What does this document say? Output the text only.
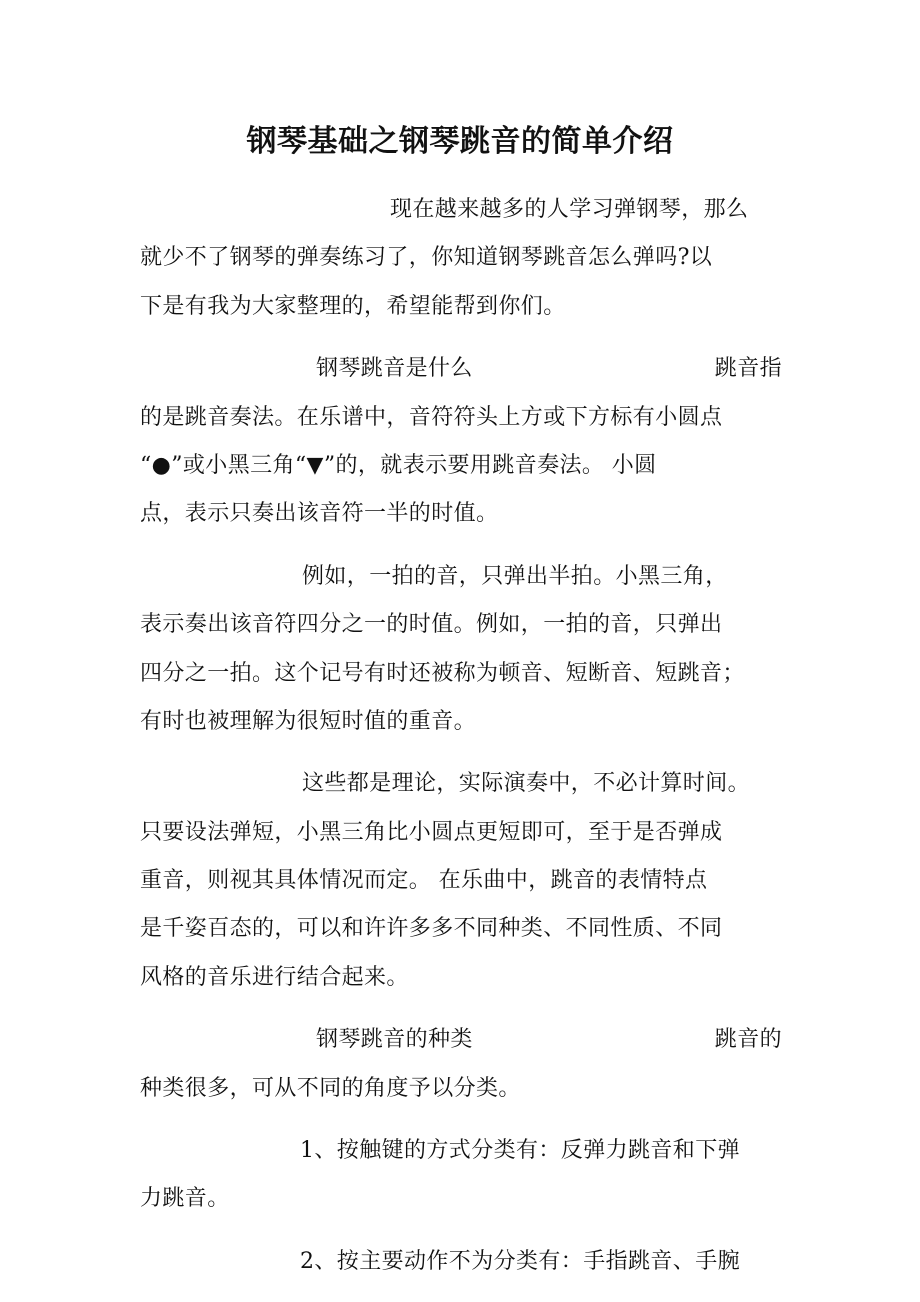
钢琴基础之钢琴跳音的简单介绍
现在越来越多的人学习弹钢琴，那么
就少不了钢琴的弹奏练习了，你知道钢琴跳音怎么弹吗?以
下是有我为大家整理的，希望能帮到你们。
钢琴跳音是什么	跳音指
的是跳音奏法。在乐谱中，音符符头上方或下方标有小圆点
“●”或小黑三角“▼”的，就表示要用跳音奏法。 小圆
点，表示只奏出该音符一半的时值。
例如，一拍的音，只弹出半拍。小黑三角，
表示奏出该音符四分之一的时值。例如，一拍的音，只弹出
四分之一拍。这个记号有时还被称为顿音、短断音、短跳音；
有时也被理解为很短时值的重音。
这些都是理论，实际演奏中，不必计算时间。
只要设法弹短，小黑三角比小圆点更短即可，至于是否弹成
重音，则视其具体情况而定。 在乐曲中，跳音的表情特点
是千姿百态的，可以和许许多多不同种类、不同性质、不同
风格的音乐进行结合起来。
钢琴跳音的种类	跳音的
种类很多，可从不同的角度予以分类。
1、按触键的方式分类有：反弹力跳音和下弹
力跳音。
2、按主要动作不为分类有：手指跳音、手腕
